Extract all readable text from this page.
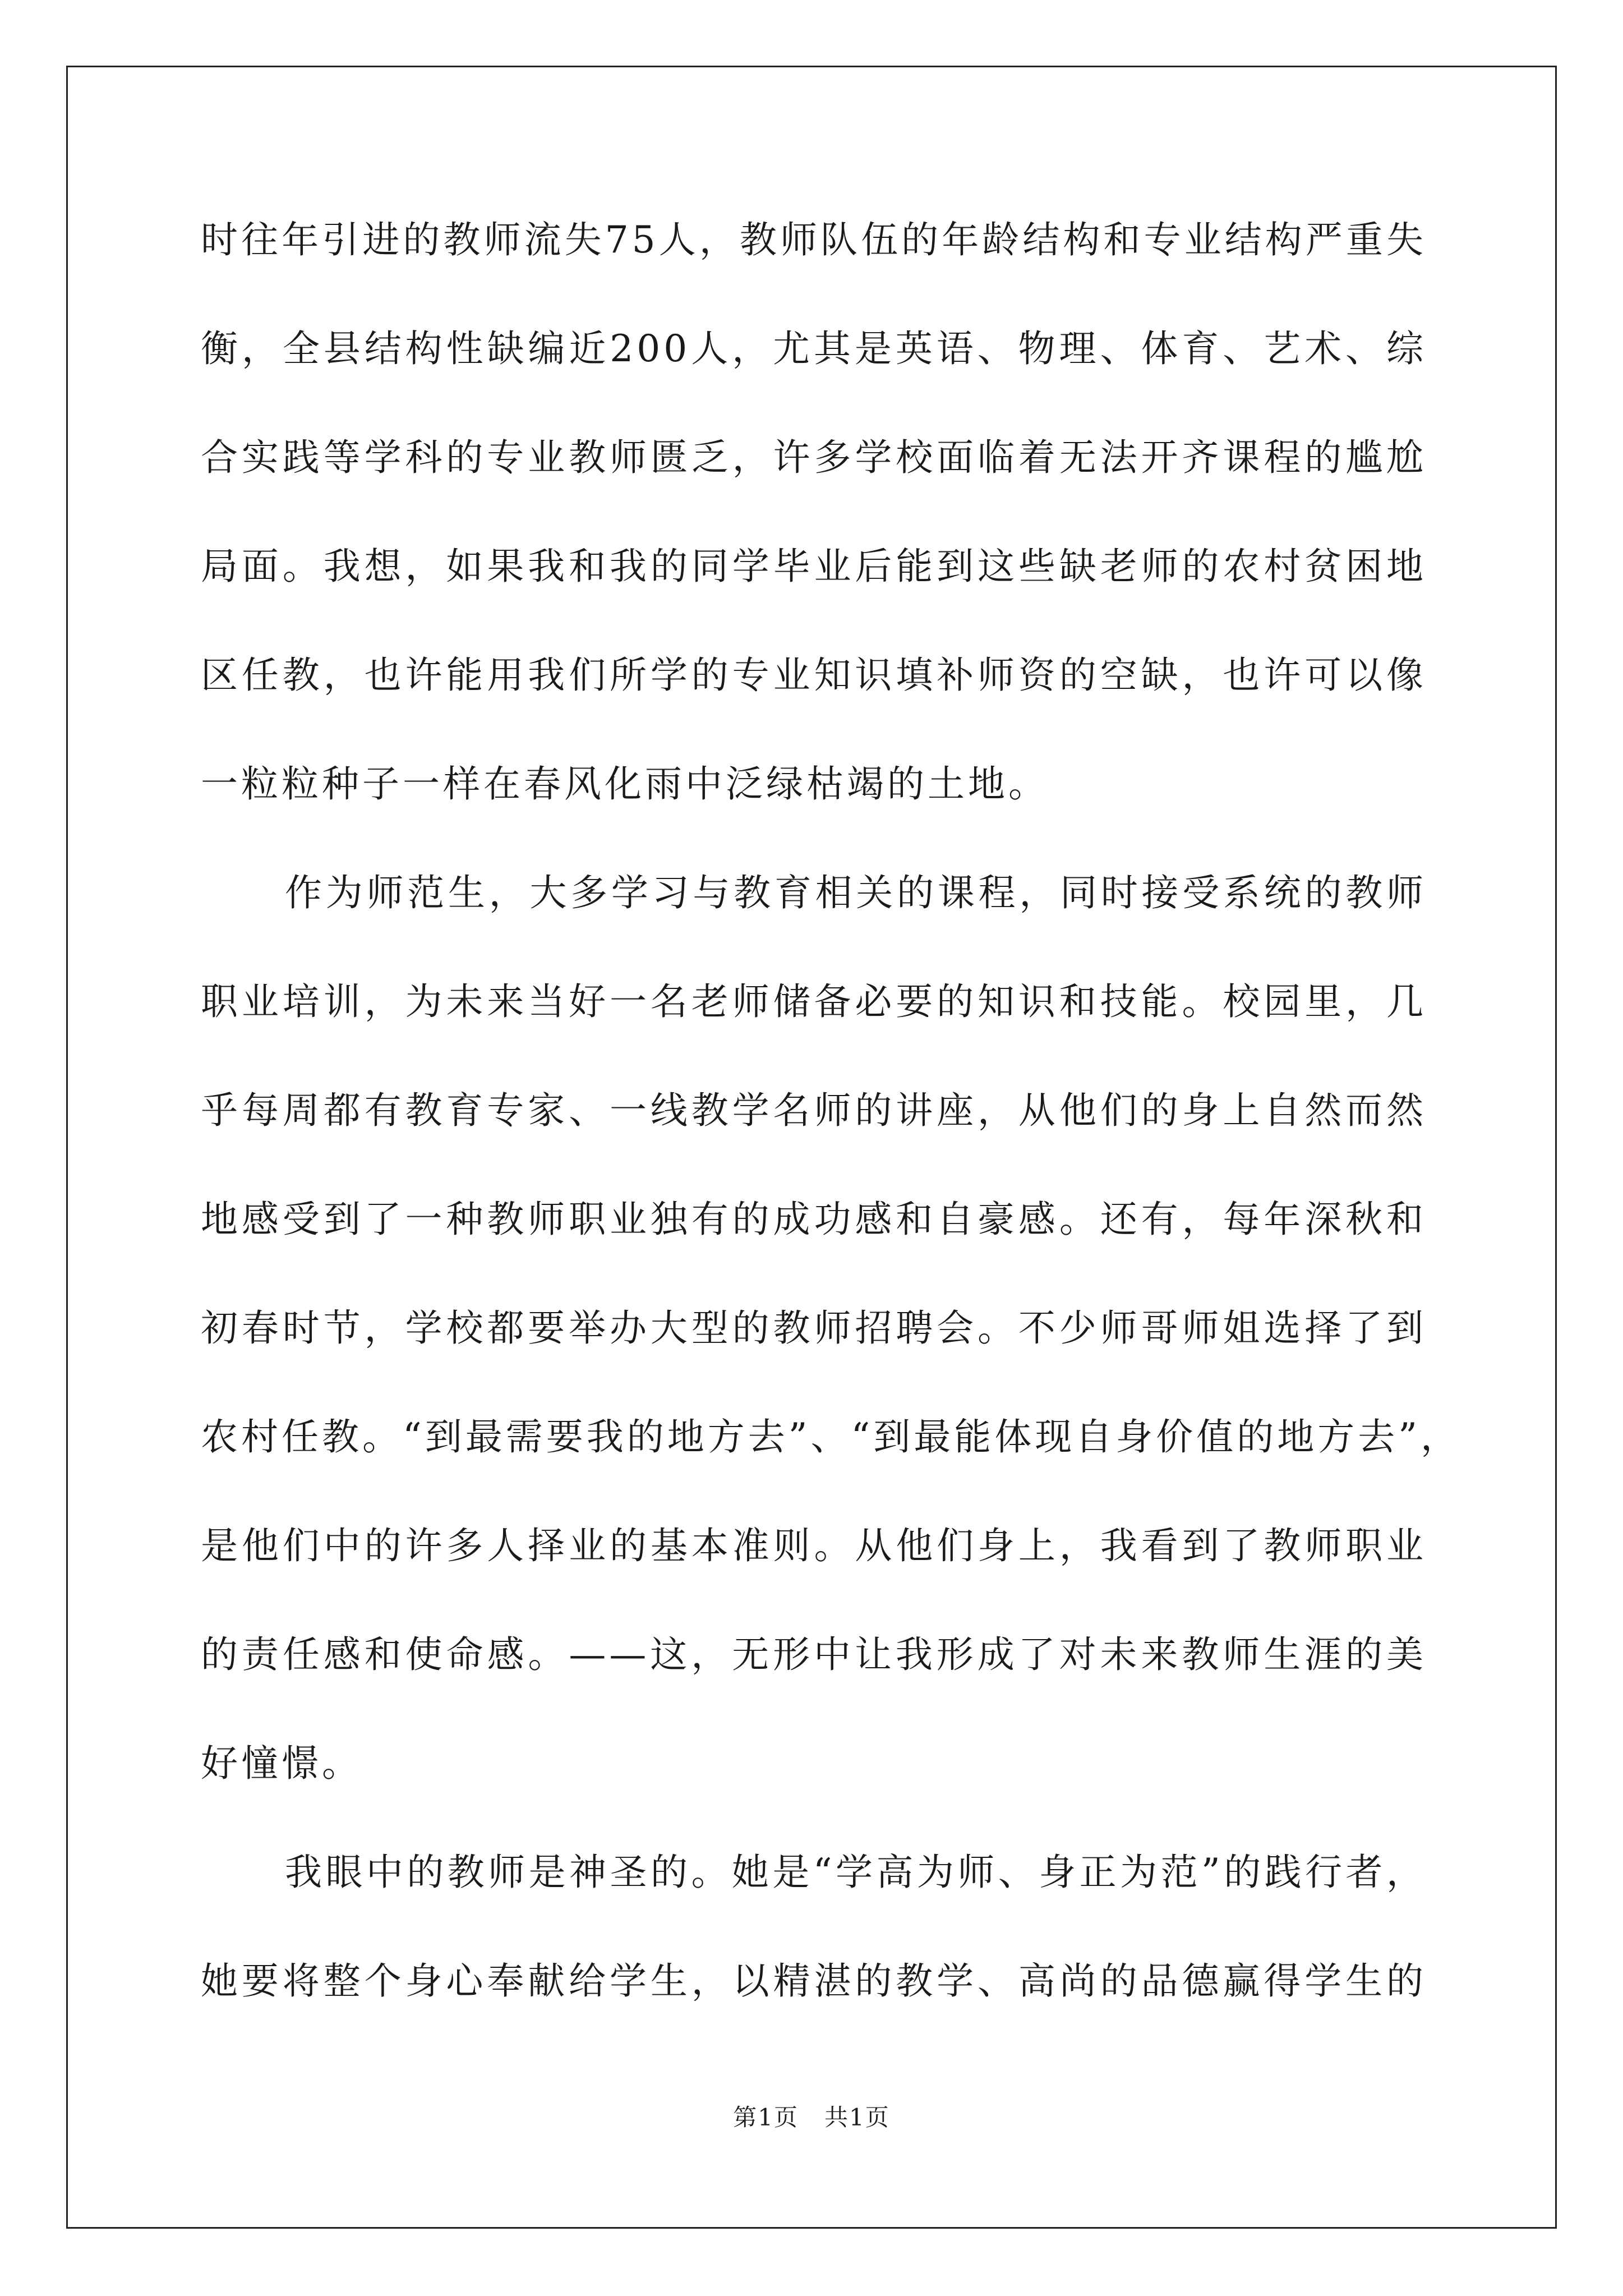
时往年引进的教师流失75人，教师队伍的年龄结构和专业结构严重失
衡，全县结构性缺编近200人，尤其是英语、物理、体育、艺术、综
合实践等学科的专业教师匮乏，许多学校面临着无法开齐课程的尴尬
局面。我想，如果我和我的同学毕业后能到这些缺老师的农村贫困地
区任教，也许能用我们所学的专业知识填补师资的空缺，也许可以像
一粒粒种子一样在春风化雨中泛绿枯竭的土地。
作为师范生，大多学习与教育相关的课程，同时接受系统的教师
职业培训，为未来当好一名老师储备必要的知识和技能。校园里，几
乎每周都有教育专家、一线教学名师的讲座，从他们的身上自然而然
地感受到了一种教师职业独有的成功感和自豪感。还有，每年深秋和
初春时节，学校都要举办大型的教师招聘会。不少师哥师姐选择了到
农村任教。“到最需要我的地方去”、“到最能体现自身价值的地方去”，
是他们中的许多人择业的基本准则。从他们身上，我看到了教师职业
的责任感和使命感。——这，无形中让我形成了对未来教师生涯的美
好憧憬。
我眼中的教师是神圣的。她是“学高为师、身正为范”的践行者，
她要将整个身心奉献给学生，以精湛的教学、高尚的品德赢得学生的
第1页 共1页
